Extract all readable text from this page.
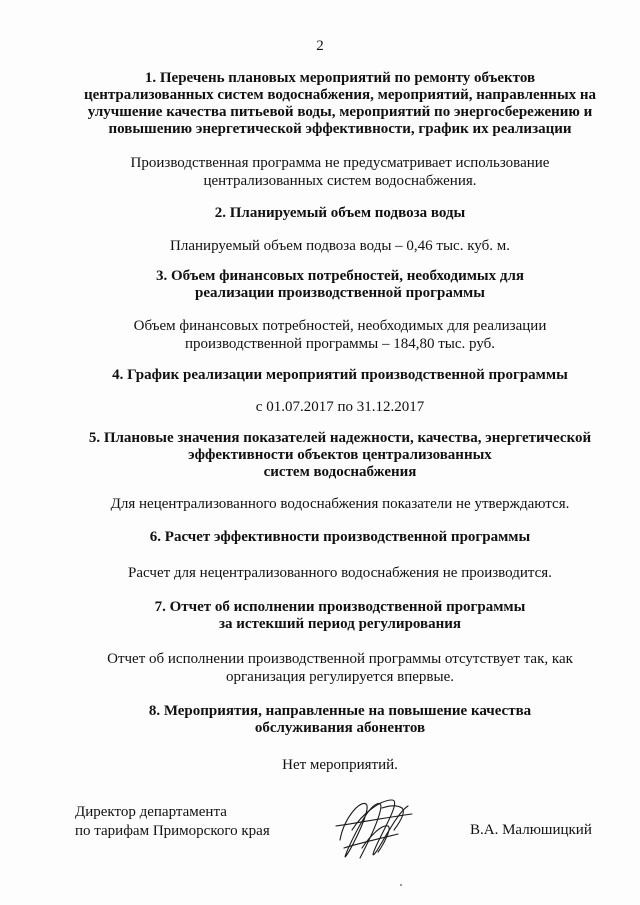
2
1. Перечень плановых мероприятий по ремонту объектов
централизованных систем водоснабжения, мероприятий, направленных на
улучшение качества питьевой воды, мероприятий по энергосбережению и
повышению энергетической эффективности, график их реализации
Производственная программа не предусматривает использование
централизованных систем водоснабжения.
2. Планируемый объем подвоза воды
Планируемый объем подвоза воды – 0,46 тыс. куб. м.
3. Объем финансовых потребностей, необходимых для
реализации производственной программы
Объем финансовых потребностей, необходимых для реализации
производственной программы – 184,80 тыс. руб.
4. График реализации мероприятий производственной программы
с 01.07.2017 по 31.12.2017
5. Плановые значения показателей надежности, качества, энергетической
эффективности объектов централизованных
систем водоснабжения
Для нецентрализованного водоснабжения показатели не утверждаются.
6. Расчет эффективности производственной программы
Расчет для нецентрализованного водоснабжения не производится.
7. Отчет об исполнении производственной программы
за истекший период регулирования
Отчет об исполнении производственной программы отсутствует так, как
организация регулируется впервые.
8. Мероприятия, направленные на повышение качества
обслуживания абонентов
Нет мероприятий.
Директор департамента
по тарифам Приморского края	В.А. Малюшицкий
